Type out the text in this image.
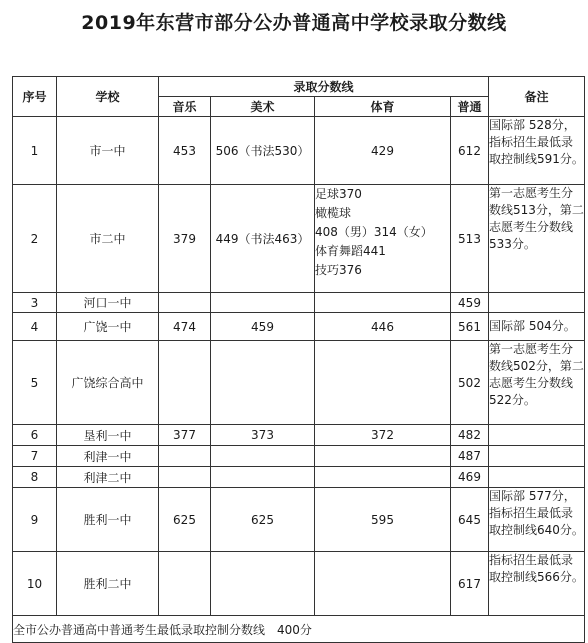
2019年东营市部分公办普通高中学校录取分数线
序号	学校	录取分数线				备注
		音乐	美术	体育	普通	
1	市一中	453	506（书法530）	429	612	国际部 528分，指标招生最低录取控制线591分。
2	市二中	379	449（书法463）	足球370
橄榄球
408（男）314（女）
体育舞蹈441
技巧376	513	第一志愿考生分数线513分，第二志愿考生分数线533分。
3	河口一中				459	
4	广饶一中	474	459	446	561	国际部 504分。
5	广饶综合高中				502	第一志愿考生分数线502分，第二志愿考生分数线522分。
6	垦利一中	377	373	372	482	
7	利津一中				487	
8	利津二中				469	
9	胜利一中	625	625	595	645	国际部 577分，指标招生最低录取控制线640分。
10	胜利二中				617	指标招生最低录取控制线566分。
全市公办普通高中普通考生最低录取控制分数线　400分						
